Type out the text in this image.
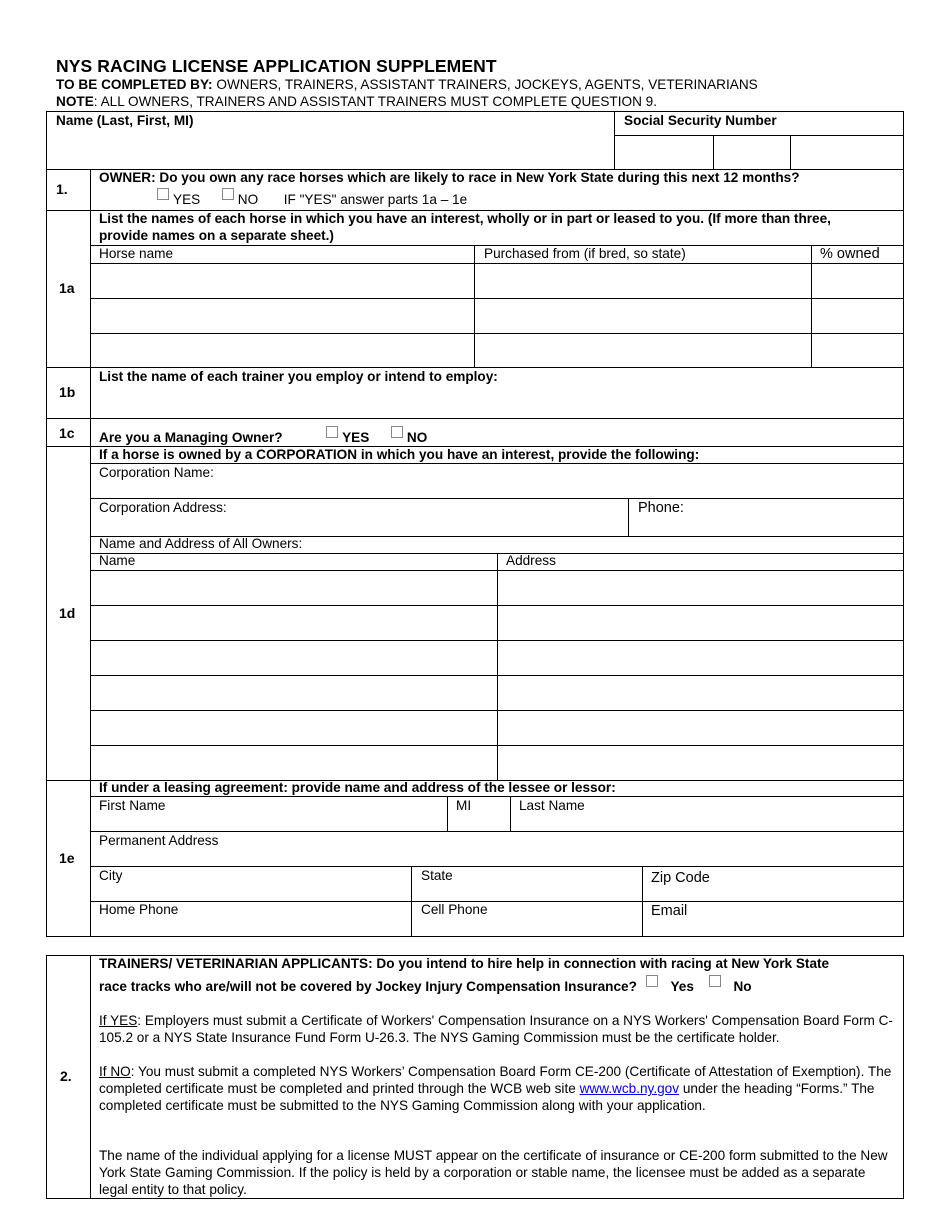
NYS RACING LICENSE APPLICATION SUPPLEMENT
TO BE COMPLETED BY: OWNERS, TRAINERS, ASSISTANT TRAINERS, JOCKEYS, AGENTS, VETERINARIANS
NOTE: ALL OWNERS, TRAINERS AND ASSISTANT TRAINERS MUST COMPLETE QUESTION 9.
Name (Last, First, MI)	Social Security Number
1.
OWNER: Do you own any race horses which are likely to race in New York State during this next 12 months?
YES	NO IF "YES" answer parts 1a – 1e
1a
List the names of each horse in which you have an interest, wholly or in part or leased to you. (If more than three,
provide names on a separate sheet.)
Horse name	Purchased from (if bred, so state)	% owned
1b
List the name of each trainer you employ or intend to employ:
1c Are you a Managing Owner?	YES	NO
1d
If a horse is owned by a CORPORATION in which you have an interest, provide the following:
Corporation Name:
Corporation Address:	Phone:
Name and Address of All Owners:
Name	Address
1e
If under a leasing agreement: provide name and address of the lessee or lessor:
First Name	MI	Last Name
Permanent Address
City	State	Zip Code
Home Phone	Cell Phone	Email
2.
TRAINERS/ VETERINARIAN APPLICANTS: Do you intend to hire help in connection with racing at New York State
race tracks who are/will not be covered by Jockey Injury Compensation Insurance? Yes	No
If YES: Employers must submit a Certificate of Workers' Compensation Insurance on a NYS Workers' Compensation Board Form C-105.2 or a NYS State Insurance Fund Form U-26.3. The NYS Gaming Commission must be the certificate holder.
If NO: You must submit a completed NYS Workers’ Compensation Board Form CE-200 (Certificate of Attestation of Exemption). The completed certificate must be completed and printed through the WCB web site www.wcb.ny.gov under the heading “Forms.” The completed certificate must be submitted to the NYS Gaming Commission along with your application.
The name of the individual applying for a license MUST appear on the certificate of insurance or CE-200 form submitted to the New York State Gaming Commission. If the policy is held by a corporation or stable name, the licensee must be added as a separate legal entity to that policy.
